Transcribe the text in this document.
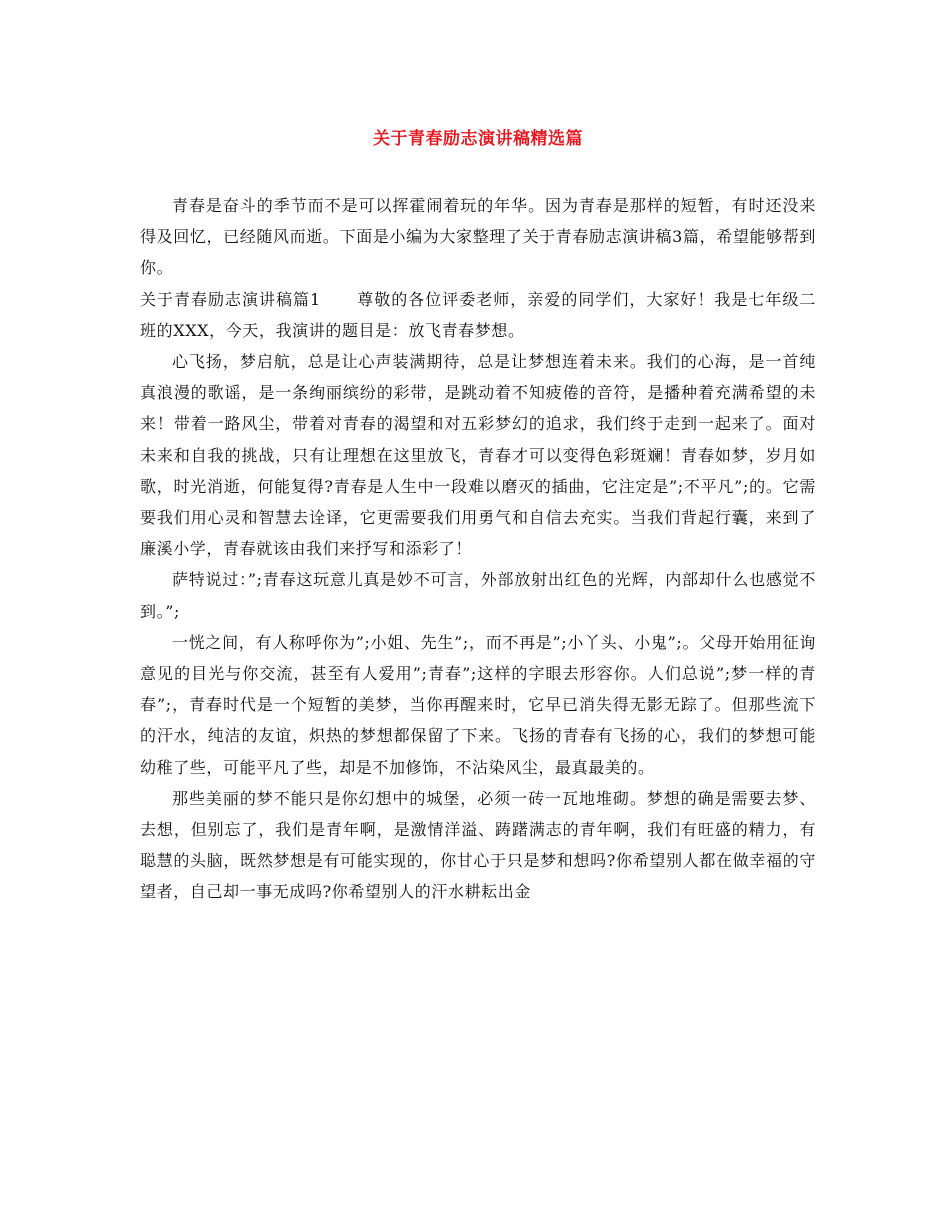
关于青春励志演讲稿精选篇

青春是奋斗的季节而不是可以挥霍闹着玩的年华。因为青春是那样的短暂，有时还没来得及回忆，已经随风而逝。下面是小编为大家整理了关于青春励志演讲稿3篇，希望能够帮到你。

关于青春励志演讲稿篇1 尊敬的各位评委老师，亲爱的同学们，大家好！我是七年级二班的XXX，今天，我演讲的题目是：放飞青春梦想。

心飞扬，梦启航，总是让心声装满期待，总是让梦想连着未来。我们的心海，是一首纯真浪漫的歌谣，是一条绚丽缤纷的彩带，是跳动着不知疲倦的音符，是播种着充满希望的未来！带着一路风尘，带着对青春的渴望和对五彩梦幻的追求，我们终于走到一起来了。面对未来和自我的挑战，只有让理想在这里放飞，青春才可以变得色彩斑斓！青春如梦，岁月如歌，时光消逝，何能复得?青春是人生中一段难以磨灭的插曲，它注定是”;不平凡”;的。它需要我们用心灵和智慧去诠译，它更需要我们用勇气和自信去充实。当我们背起行囊，来到了廉溪小学，青春就该由我们来抒写和添彩了！

萨特说过：”;青春这玩意儿真是妙不可言，外部放射出红色的光辉，内部却什么也感觉不到。”;

一恍之间，有人称呼你为”;小姐、先生”;，而不再是”;小丫头、小鬼”;。父母开始用征询意见的目光与你交流，甚至有人爱用”;青春”;这样的字眼去形容你。人们总说”;梦一样的青春”;，青春时代是一个短暂的美梦，当你再醒来时，它早已消失得无影无踪了。但那些流下的汗水，纯洁的友谊，炽热的梦想都保留了下来。飞扬的青春有飞扬的心，我们的梦想可能幼稚了些，可能平凡了些，却是不加修饰，不沾染风尘，最真最美的。

那些美丽的梦不能只是你幻想中的城堡，必须一砖一瓦地堆砌。梦想的确是需要去梦、去想，但别忘了，我们是青年啊，是激情洋溢、踌躇满志的青年啊，我们有旺盛的精力，有聪慧的头脑，既然梦想是有可能实现的，你甘心于只是梦和想吗?你希望别人都在做幸福的守望者，自己却一事无成吗?你希望别人的汗水耕耘出金
